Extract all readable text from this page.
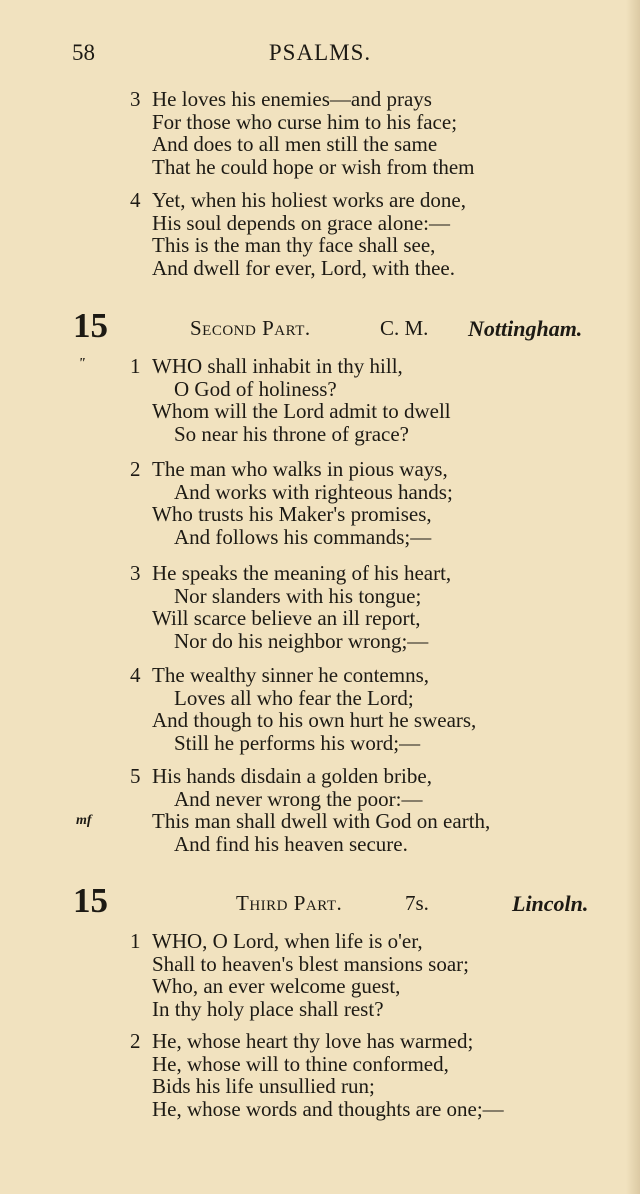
58	PSALMS.
3 He loves his enemies—and prays
For those who curse him to his face;
And does to all men still the same
That he could hope or wish from them
4 Yet, when his holiest works are done,
His soul depends on grace alone:—
This is the man thy face shall see,
And dwell for ever, Lord, with thee.
15	Second Part.	C. M. Nottingham.
" 1 WHO shall inhabit in thy hill,
O God of holiness?
Whom will the Lord admit to dwell
So near his throne of grace?
2 The man who walks in pious ways,
And works with righteous hands;
Who trusts his Maker's promises,
And follows his commands;—
3 He speaks the meaning of his heart,
Nor slanders with his tongue;
Will scarce believe an ill report,
Nor do his neighbor wrong;—
4 The wealthy sinner he contemns,
Loves all who fear the Lord;
And though to his own hurt he swears,
Still he performs his word;—
5 His hands disdain a golden bribe,
And never wrong the poor:—
This man shall dwell with God on earth,
And find his heaven secure.
mf
15	Third Part.	7s.	Lincoln.
1 WHO, O Lord, when life is o'er,
Shall to heaven's blest mansions soar;
Who, an ever welcome guest,
In thy holy place shall rest?
2 He, whose heart thy love has warmed;
He, whose will to thine conformed,
Bids his life unsullied run;
He, whose words and thoughts are one;—
